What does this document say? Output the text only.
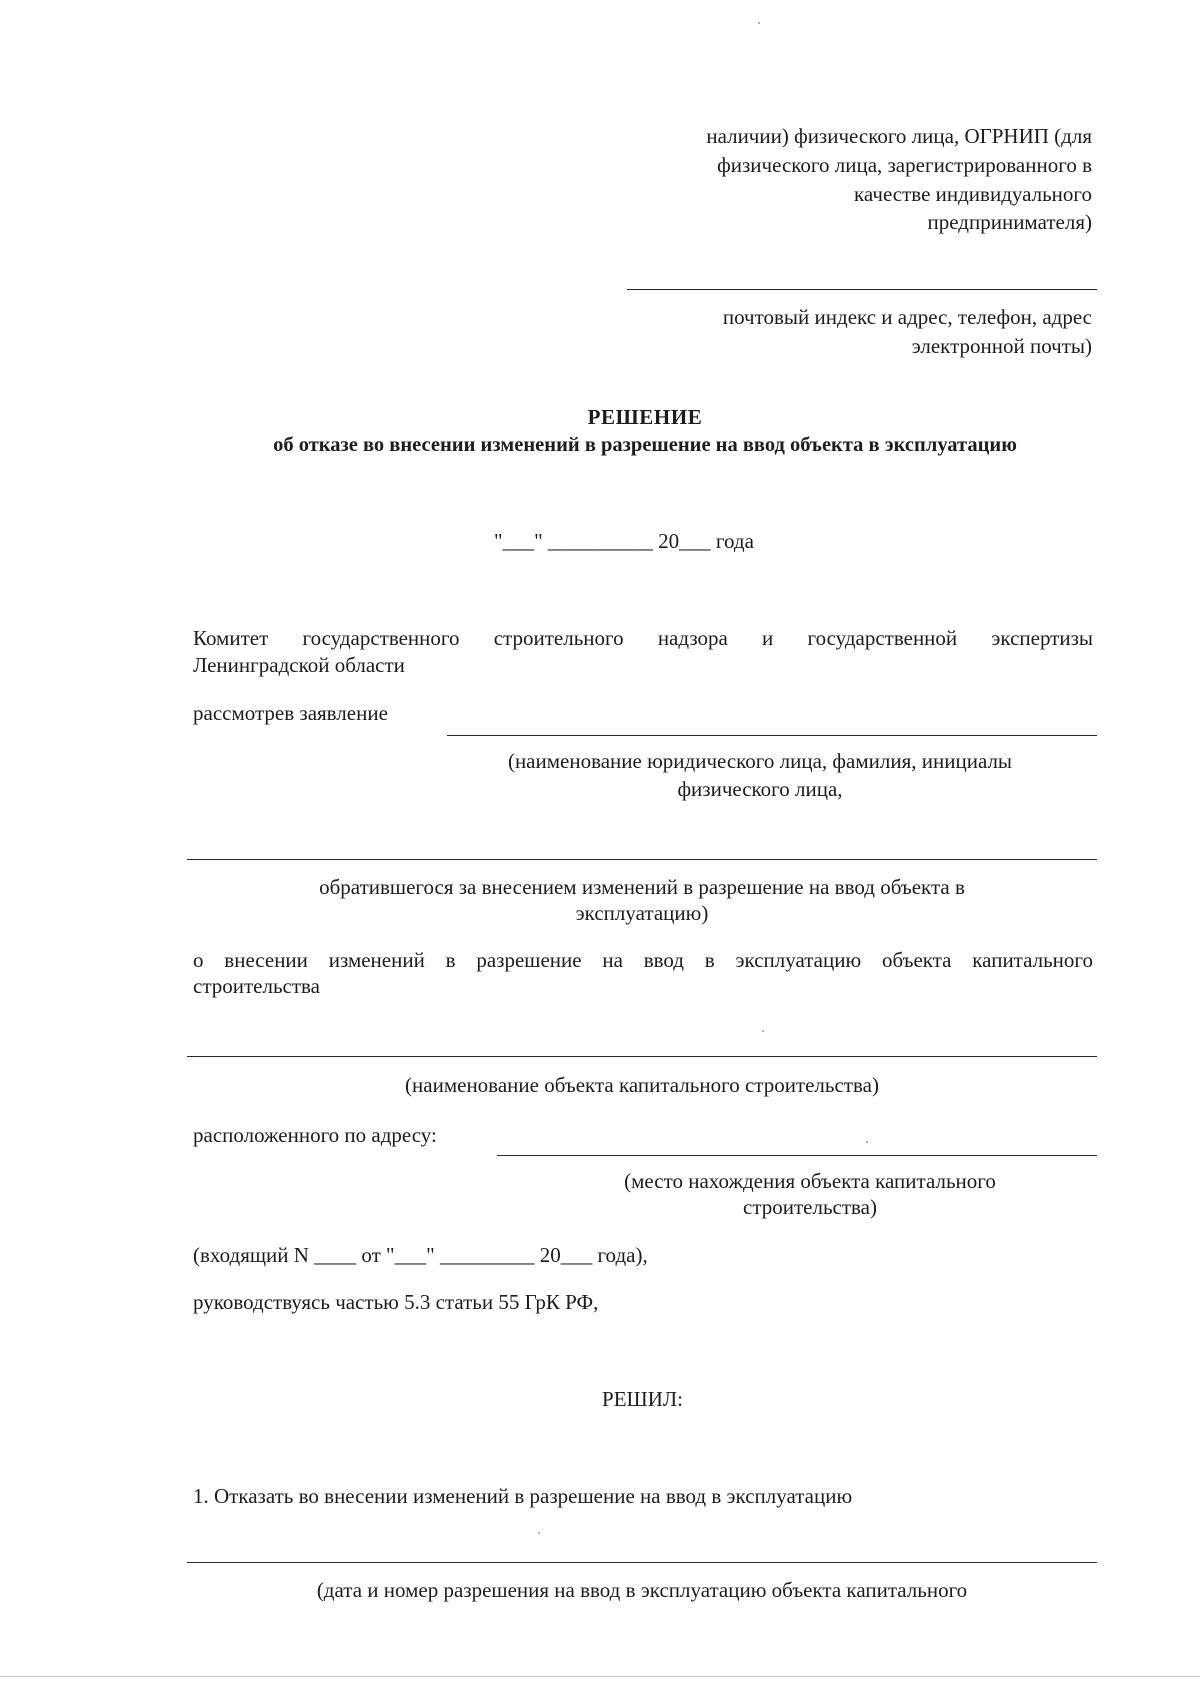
наличии) физического лица, ОГРНИП (для
физического лица, зарегистрированного в
качестве индивидуального
предпринимателя)
почтовый индекс и адрес, телефон, адрес
электронной почты)
РЕШЕНИЕ
об отказе во внесении изменений в разрешение на ввод объекта в эксплуатацию
"___" __________ 20___ года
Комитет государственного строительного надзора и государственной экспертизы
Ленинградской области
рассмотрев заявление
(наименование юридического лица, фамилия, инициалы
физического лица,
обратившегося за внесением изменений в разрешение на ввод объекта в
эксплуатацию)
о внесении изменений в разрешение на ввод в эксплуатацию объекта капитального
строительства
(наименование объекта капитального строительства)
расположенного по адресу:
(место нахождения объекта капитального
строительства)
(входящий N ____ от "___" _________ 20___ года),
руководствуясь частью 5.3 статьи 55 ГрК РФ,
РЕШИЛ:
1. Отказать во внесении изменений в разрешение на ввод в эксплуатацию
(дата и номер разрешения на ввод в эксплуатацию объекта капитального
